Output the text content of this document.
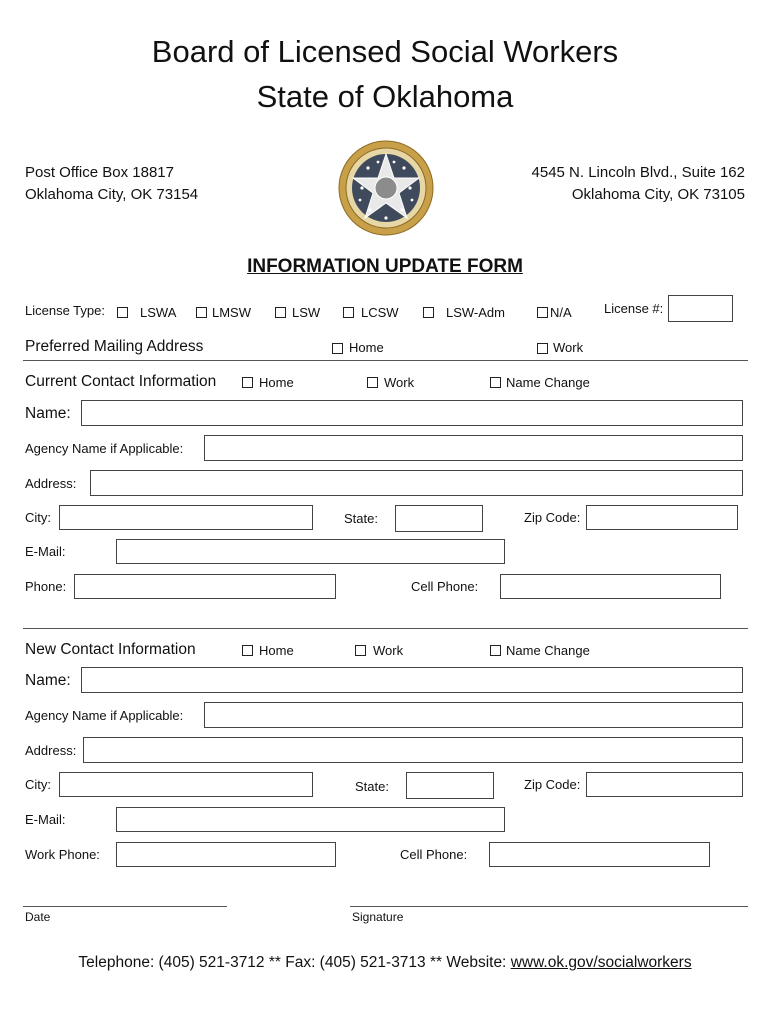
Board of Licensed Social Workers
State of Oklahoma
Post Office Box 18817
Oklahoma City, OK 73154
4545 N. Lincoln Blvd., Suite 162
Oklahoma City, OK 73105
INFORMATION UPDATE FORM
License Type:	LSWA	LMSW	LSW	LCSW	LSW-Adm	N/A License #:
Preferred Mailing Address	Home	Work
Current Contact Information	Home	Work	Name Change
Name:
Agency Name if Applicable:
Address:
City:	State:	Zip Code:
E-Mail:
Phone:	Cell Phone:
New Contact Information	Home	Work	Name Change
Name:
Agency Name if Applicable:
Address:
City:	State:	Zip Code:
E-Mail:
Work Phone:	Cell Phone:
Date	Signature
Telephone: (405) 521-3712 ** Fax: (405) 521-3713 ** Website: www.ok.gov/socialworkers
